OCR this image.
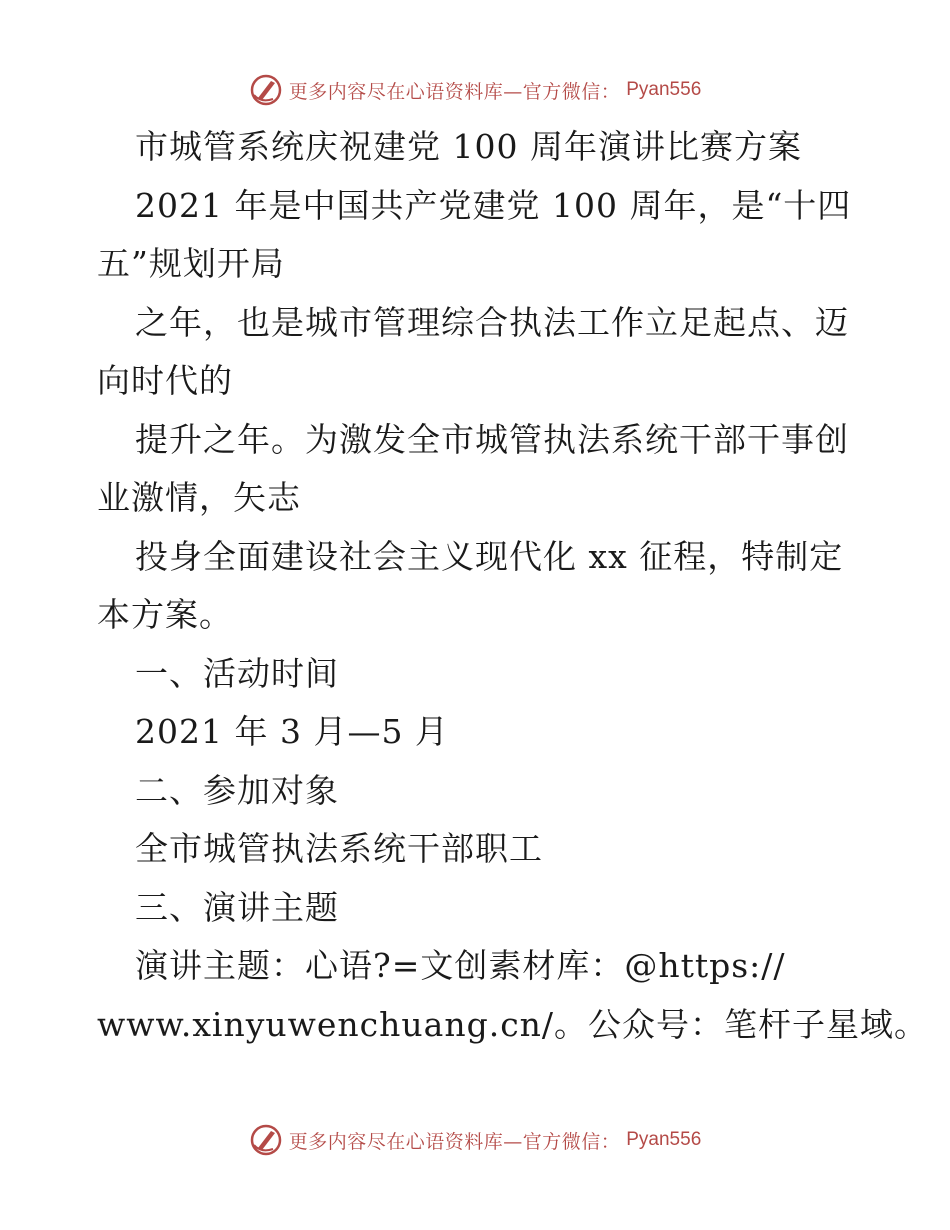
更多内容尽在心语资料库—官方微信： Pyan556
市城管系统庆祝建党 100 周年演讲比赛方案
2021 年是中国共产党建党 100 周年，是“十四
五”规划开局
之年，也是城市管理综合执法工作立足起点、迈
向时代的
提升之年。为激发全市城管执法系统干部干事创
业激情，矢志
投身全面建设社会主义现代化 xx 征程，特制定
本方案。
一、活动时间
2021 年 3 月—5 月
二、参加对象
全市城管执法系统干部职工
三、演讲主题
演讲主题：心语?=文创素材库：@https://
www.xinyuwenchuang.cn/。公众号：笔杆子星域。
更多内容尽在心语资料库—官方微信： Pyan556
